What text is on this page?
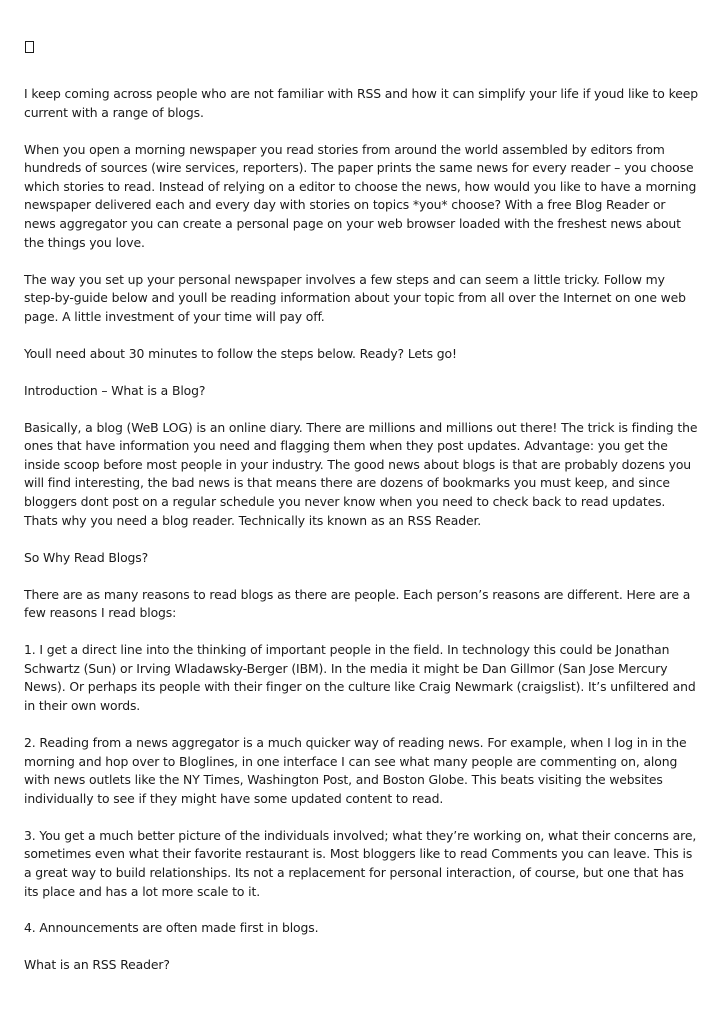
I keep coming across people who are not familiar with RSS and how it can simplify your life if youd like to keep current with a range of blogs.

When you open a morning newspaper you read stories from around the world assembled by editors from hundreds of sources (wire services, reporters). The paper prints the same news for every reader – you choose which stories to read. Instead of relying on a editor to choose the news, how would you like to have a morning newspaper delivered each and every day with stories on topics *you* choose? With a free Blog Reader or news aggregator you can create a personal page on your web browser loaded with the freshest news about the things you love.

The way you set up your personal newspaper involves a few steps and can seem a little tricky. Follow my step-by-guide below and youll be reading information about your topic from all over the Internet on one web page. A little investment of your time will pay off.

Youll need about 30 minutes to follow the steps below. Ready? Lets go!

Introduction – What is a Blog?

Basically, a blog (WeB LOG) is an online diary. There are millions and millions out there! The trick is finding the ones that have information you need and flagging them when they post updates. Advantage: you get the inside scoop before most people in your industry. The good news about blogs is that are probably dozens you will find interesting, the bad news is that means there are dozens of bookmarks you must keep, and since bloggers dont post on a regular schedule you never know when you need to check back to read updates. Thats why you need a blog reader. Technically its known as an RSS Reader.

So Why Read Blogs?

There are as many reasons to read blogs as there are people. Each person’s reasons are different. Here are a few reasons I read blogs:

1. I get a direct line into the thinking of important people in the field. In technology this could be Jonathan Schwartz (Sun) or Irving Wladawsky-Berger (IBM). In the media it might be Dan Gillmor (San Jose Mercury News). Or perhaps its people with their finger on the culture like Craig Newmark (craigslist). It’s unfiltered and in their own words.

2. Reading from a news aggregator is a much quicker way of reading news. For example, when I log in in the morning and hop over to Bloglines, in one interface I can see what many people are commenting on, along with news outlets like the NY Times, Washington Post, and Boston Globe. This beats visiting the websites individually to see if they might have some updated content to read.

3. You get a much better picture of the individuals involved; what they’re working on, what their concerns are, sometimes even what their favorite restaurant is. Most bloggers like to read Comments you can leave. This is a great way to build relationships. Its not a replacement for personal interaction, of course, but one that has its place and has a lot more scale to it.

4. Announcements are often made first in blogs.

What is an RSS Reader?
